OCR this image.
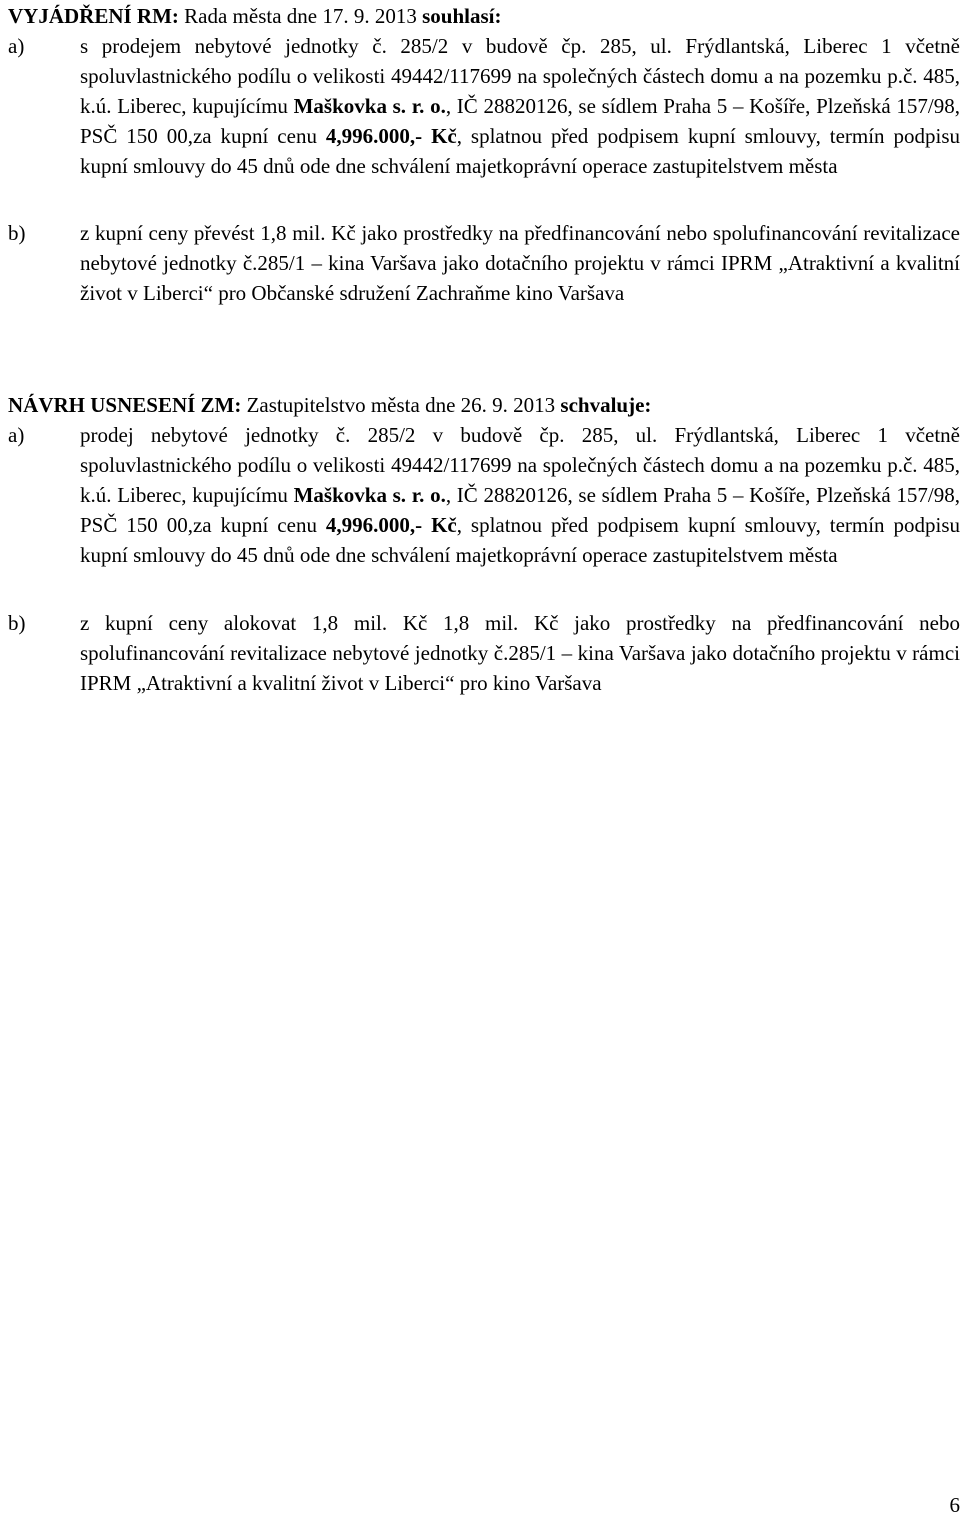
VYJÁDŘENÍ RM: Rada města dne 17. 9. 2013 souhlasí:
a)	s prodejem nebytové jednotky č. 285/2 v budově čp. 285, ul. Frýdlantská, Liberec 1 včetně spoluvlastnického podílu o velikosti 49442/117699 na společných částech domu a na pozemku p.č. 485, k.ú. Liberec, kupujícímu Maškovka s. r. o., IČ 28820126, se sídlem Praha 5 – Košíře, Plzeňská 157/98, PSČ 150 00,za kupní cenu 4,996.000,- Kč, splatnou před podpisem kupní smlouvy, termín podpisu kupní smlouvy do 45 dnů ode dne schválení majetkoprávní operace zastupitelstvem města
b)	z kupní ceny převést 1,8 mil. Kč jako prostředky na předfinancování nebo spolufinancování revitalizace nebytové jednotky č.285/1 – kina Varšava jako dotačního projektu v rámci IPRM „Atraktivní a kvalitní život v Liberci“ pro Občanské sdružení Zachraňme kino Varšava
NÁVRH USNESENÍ ZM: Zastupitelstvo města dne 26. 9. 2013 schvaluje:
a)	prodej nebytové jednotky č. 285/2 v budově čp. 285, ul. Frýdlantská, Liberec 1 včetně spoluvlastnického podílu o velikosti 49442/117699 na společných částech domu a na pozemku p.č. 485, k.ú. Liberec, kupujícímu Maškovka s. r. o., IČ 28820126, se sídlem Praha 5 – Košíře, Plzeňská 157/98, PSČ 150 00,za kupní cenu 4,996.000,- Kč, splatnou před podpisem kupní smlouvy, termín podpisu kupní smlouvy do 45 dnů ode dne schválení majetkoprávní operace zastupitelstvem města
b)	z kupní ceny alokovat 1,8 mil. Kč 1,8 mil. Kč jako prostředky na předfinancování nebo spolufinancování revitalizace nebytové jednotky č.285/1 – kina Varšava jako dotačního projektu v rámci IPRM „Atraktivní a kvalitní život v Liberci“ pro kino Varšava
6
